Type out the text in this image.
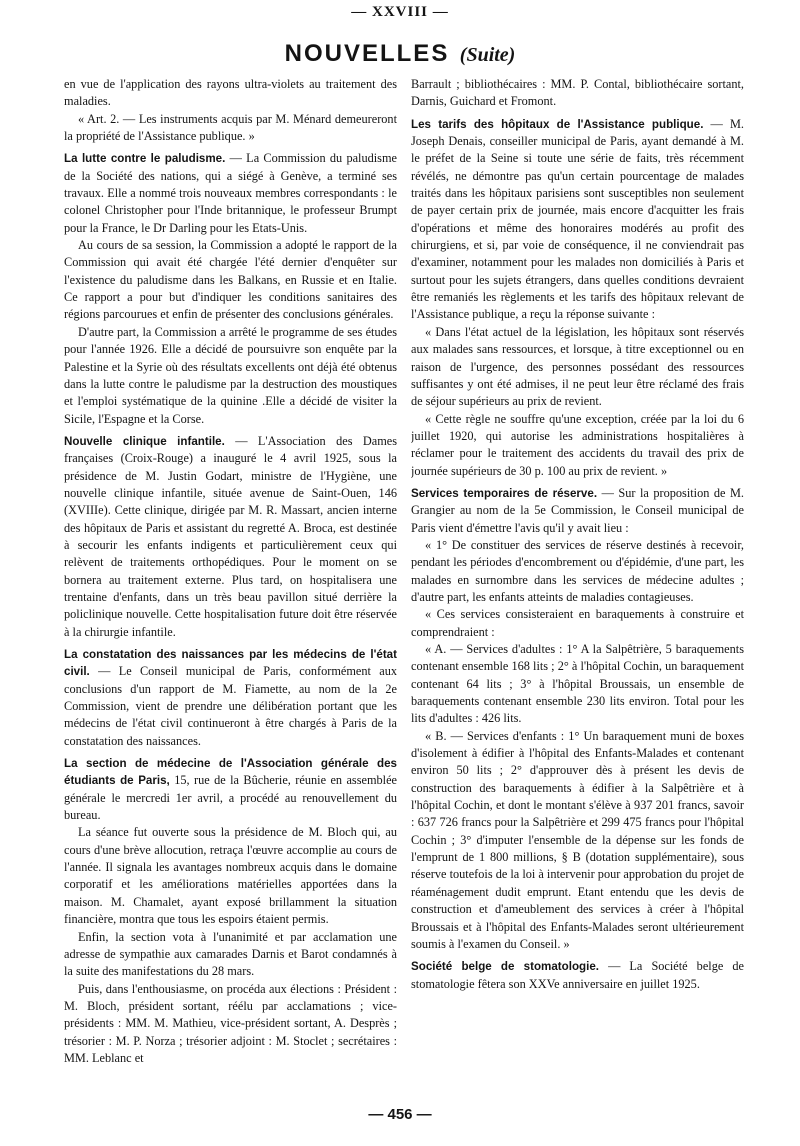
— XXVIII —
NOUVELLES (Suite)

en vue de l'application des rayons ultra-violets au traitement des maladies.

« Art. 2. — Les instruments acquis par M. Ménard demeureront la propriété de l'Assistance publique. »

La lutte contre le paludisme. — La Commission du paludisme de la Société des nations, qui a siégé à Genève, a terminé ses travaux. Elle a nommé trois nouveaux membres correspondants : le colonel Christopher pour l'Inde britannique, le professeur Brumpt pour la France, le Dr Darling pour les Etats-Unis.

Au cours de sa session, la Commission a adopté le rapport de la Commission qui avait été chargée l'été dernier d'enquêter sur l'existence du paludisme dans les Balkans, en Russie et en Italie. Ce rapport a pour but d'indiquer les conditions sanitaires des régions parcourues et enfin de présenter des conclusions générales.

D'autre part, la Commission a arrêté le programme de ses études pour l'année 1926. Elle a décidé de poursuivre son enquête par la Palestine et la Syrie où des résultats excellents ont déjà été obtenus dans la lutte contre le paludisme par la destruction des moustiques et l'emploi systématique de la quinine .Elle a décidé de visiter la Sicile, l'Espagne et la Corse.

Nouvelle clinique infantile. — L'Association des Dames françaises (Croix-Rouge) a inauguré le 4 avril 1925, sous la présidence de M. Justin Godart, ministre de l'Hygiène, une nouvelle clinique infantile, située avenue de Saint-Ouen, 146 (XVIIIe). Cette clinique, dirigée par M. R. Massart, ancien interne des hôpitaux de Paris et assistant du regretté A. Broca, est destinée à secourir les enfants indigents et particulièrement ceux qui relèvent de traitements orthopédiques. Pour le moment on se bornera au traitement externe. Plus tard, on hospitalisera une trentaine d'enfants, dans un très beau pavillon situé derrière la policlinique nouvelle. Cette hospitalisation future doit être réservée à la chirurgie infantile.

La constatation des naissances par les médecins de l'état civil. — Le Conseil municipal de Paris, conformément aux conclusions d'un rapport de M. Fiamette, au nom de la 2e Commission, vient de prendre une délibération portant que les médecins de l'état civil continueront à être chargés à Paris de la constatation des naissances.

La section de médecine de l'Association générale des étudiants de Paris, 15, rue de la Bûcherie, réunie en assemblée générale le mercredi 1er avril, a procédé au renouvellement du bureau.

La séance fut ouverte sous la présidence de M. Bloch qui, au cours d'une brève allocution, retraça l'œuvre accomplie au cours de l'année. Il signala les avantages nombreux acquis dans le domaine corporatif et les améliorations matérielles apportées dans la maison. M. Chamalet, ayant exposé brillamment la situation financière, montra que tous les espoirs étaient permis.

Enfin, la section vota à l'unanimité et par acclamation une adresse de sympathie aux camarades Darnis et Barot condamnés à la suite des manifestations du 28 mars.

Puis, dans l'enthousiasme, on procéda aux élections : Président : M. Bloch, président sortant, réélu par acclamations ; vice-présidents : MM. M. Mathieu, vice-président sortant, A. Desprès ; trésorier : M. P. Norza ; trésorier adjoint : M. Stoclet ; secrétaires : MM. Leblanc et

Barrault ; bibliothécaires : MM. P. Contal, bibliothécaire sortant, Darnis, Guichard et Fromont.

Les tarifs des hôpitaux de l'Assistance publique. — M. Joseph Denais, conseiller municipal de Paris, ayant demandé à M. le préfet de la Seine si toute une série de faits, très récemment révélés, ne démontre pas qu'un certain pourcentage de malades traités dans les hôpitaux parisiens sont susceptibles non seulement de payer certain prix de journée, mais encore d'acquitter les frais d'opérations et même des honoraires modérés au profit des chirurgiens, et si, par voie de conséquence, il ne conviendrait pas d'examiner, notamment pour les malades non domiciliés à Paris et surtout pour les sujets étrangers, dans quelles conditions devraient être remaniés les règlements et les tarifs des hôpitaux relevant de l'Assistance publique, a reçu la réponse suivante :

« Dans l'état actuel de la législation, les hôpitaux sont réservés aux malades sans ressources, et lorsque, à titre exceptionnel ou en raison de l'urgence, des personnes possédant des ressources suffisantes y ont été admises, il ne peut leur être réclamé des frais de séjour supérieurs au prix de revient.

« Cette règle ne souffre qu'une exception, créée par la loi du 6 juillet 1920, qui autorise les administrations hospitalières à réclamer pour le traitement des accidents du travail des prix de journée supérieurs de 30 p. 100 au prix de revient. »

Services temporaires de réserve. — Sur la proposition de M. Grangier au nom de la 5e Commission, le Conseil municipal de Paris vient d'émettre l'avis qu'il y avait lieu :

« 1° De constituer des services de réserve destinés à recevoir, pendant les périodes d'encombrement ou d'épidémie, d'une part, les malades en surnombre dans les services de médecine adultes ; d'autre part, les enfants atteints de maladies contagieuses.

« Ces services consisteraient en baraquements à construire et comprendraient :

« A. — Services d'adultes : 1° A la Salpêtrière, 5 baraquements contenant ensemble 168 lits ; 2° à l'hôpital Cochin, un baraquement contenant 64 lits ; 3° à l'hôpital Broussais, un ensemble de baraquements contenant ensemble 230 lits environ. Total pour les lits d'adultes : 426 lits.

« B. — Services d'enfants : 1° Un baraquement muni de boxes d'isolement à édifier à l'hôpital des Enfants-Malades et contenant environ 50 lits ; 2° d'approuver dès à présent les devis de construction des baraquements à édifier à la Salpêtrière et à l'hôpital Cochin, et dont le montant s'élève à 937 201 francs, savoir : 637 726 francs pour la Salpêtrière et 299 475 francs pour l'hôpital Cochin ; 3° d'imputer l'ensemble de la dépense sur les fonds de l'emprunt de 1 800 millions, § B (dotation supplémentaire), sous réserve toutefois de la loi à intervenir pour approbation du projet de réaménagement dudit emprunt. Etant entendu que les devis de construction et d'ameublement des services à créer à l'hôpital Broussais et à l'hôpital des Enfants-Malades seront ultérieurement soumis à l'examen du Conseil. »

Société belge de stomatologie. — La Société belge de stomatologie fêtera son XXVe anniversaire en juillet 1925.

— 456 —
